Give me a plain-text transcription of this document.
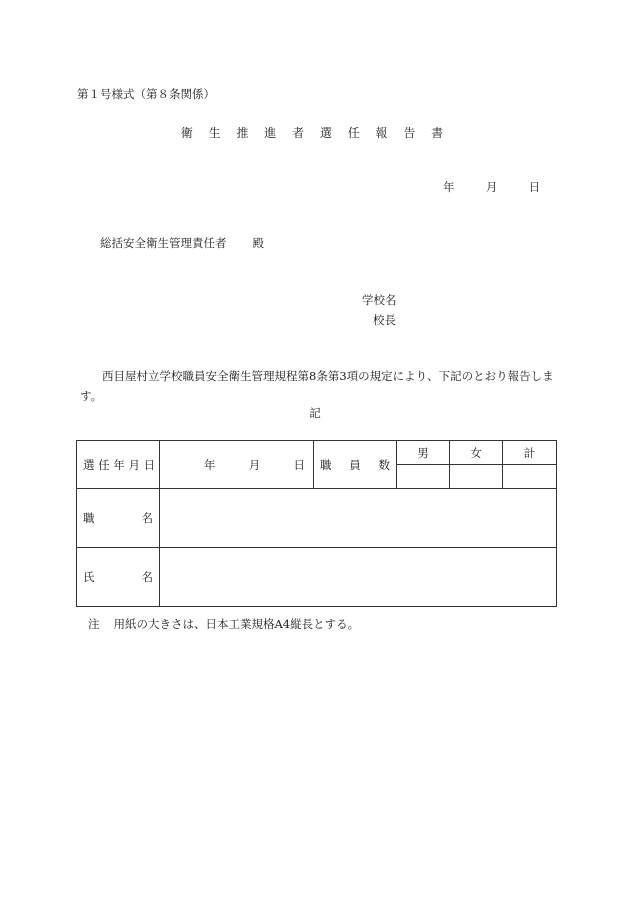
第１号様式（第８条関係）
衛 生 推 進 者 選 任 報 告 書
年	月	日
総括安全衛生管理責任者 殿
学校名
校長
西目屋村立学校職員安全衛生管理規程第8条第3項の規定により、下記のとおり報告します。
記
選 任 年 月 日	年 月 日	職 員 数	男	女	計

職 名					

氏 名					

注 用紙の大きさは、日本工業規格A4縦長とする。
